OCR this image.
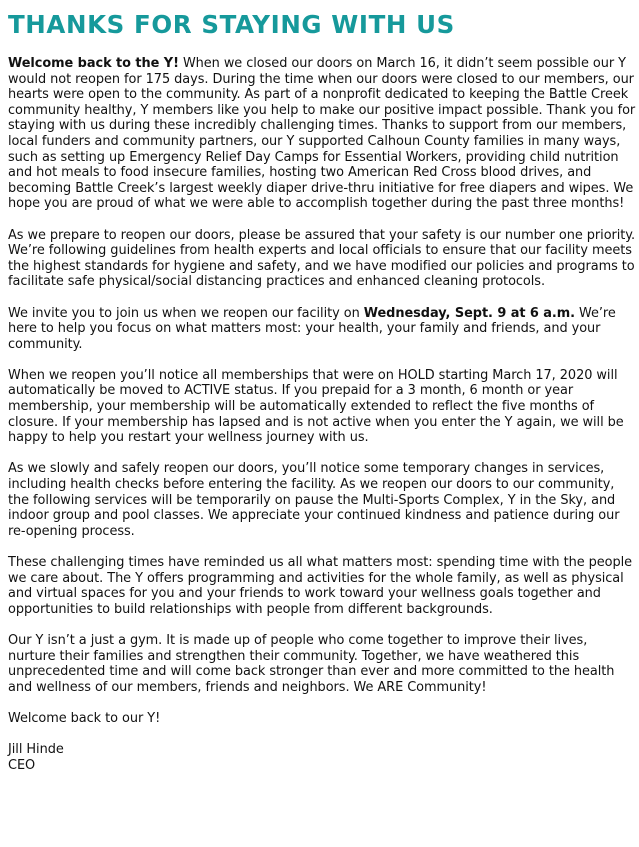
THANKS FOR STAYING WITH US

Welcome back to the Y! When we closed our doors on March 16, it didn’t seem possible our Y would not reopen for 175 days. During the time when our doors were closed to our members, our hearts were open to the community. As part of a nonprofit dedicated to keeping the Battle Creek community healthy, Y members like you help to make our positive impact possible. Thank you for staying with us during these incredibly challenging times. Thanks to support from our members, local funders and community partners, our Y supported Calhoun County families in many ways, such as setting up Emergency Relief Day Camps for Essential Workers, providing child nutrition and hot meals to food insecure families, hosting two American Red Cross blood drives, and becoming Battle Creek’s largest weekly diaper drive-thru initiative for free diapers and wipes. We hope you are proud of what we were able to accomplish together during the past three months!

As we prepare to reopen our doors, please be assured that your safety is our number one priority. We’re following guidelines from health experts and local officials to ensure that our facility meets the highest standards for hygiene and safety, and we have modified our policies and programs to facilitate safe physical/social distancing practices and enhanced cleaning protocols.

We invite you to join us when we reopen our facility on Wednesday, Sept. 9 at 6 a.m. We’re here to help you focus on what matters most: your health, your family and friends, and your community.

When we reopen you’ll notice all memberships that were on HOLD starting March 17, 2020 will automatically be moved to ACTIVE status. If you prepaid for a 3 month, 6 month or year membership, your membership will be automatically extended to reflect the five months of closure. If your membership has lapsed and is not active when you enter the Y again, we will be happy to help you restart your wellness journey with us.

As we slowly and safely reopen our doors, you’ll notice some temporary changes in services, including health checks before entering the facility. As we reopen our doors to our community, the following services will be temporarily on pause the Multi-Sports Complex, Y in the Sky, and indoor group and pool classes. We appreciate your continued kindness and patience during our re-opening process.

These challenging times have reminded us all what matters most: spending time with the people we care about. The Y offers programming and activities for the whole family, as well as physical and virtual spaces for you and your friends to work toward your wellness goals together and opportunities to build relationships with people from different backgrounds.

Our Y isn’t a just a gym. It is made up of people who come together to improve their lives, nurture their families and strengthen their community. Together, we have weathered this unprecedented time and will come back stronger than ever and more committed to the health and wellness of our members, friends and neighbors. We ARE Community!

Welcome back to our Y!

Jill Hinde

CEO
